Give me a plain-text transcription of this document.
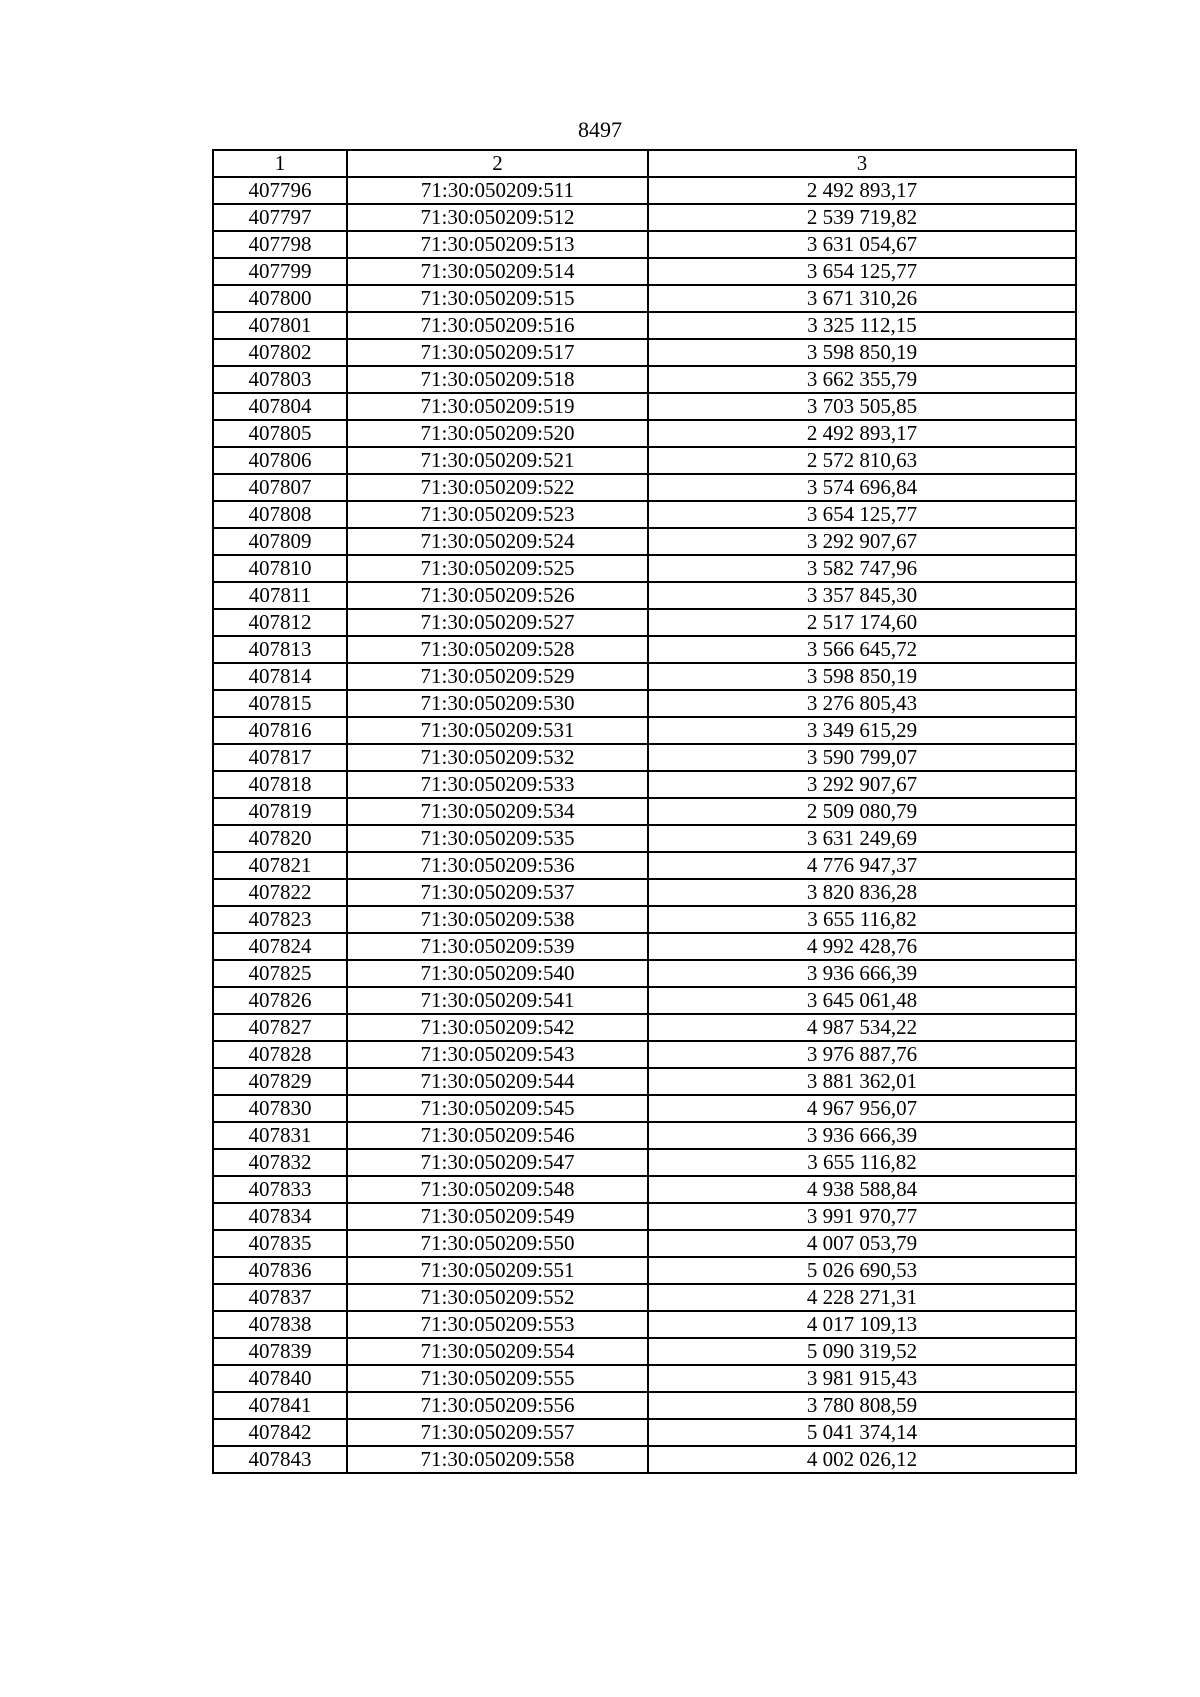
8497
1	2	3
407796	71:30:050209:511	2 492 893,17
407797	71:30:050209:512	2 539 719,82
407798	71:30:050209:513	3 631 054,67
407799	71:30:050209:514	3 654 125,77
407800	71:30:050209:515	3 671 310,26
407801	71:30:050209:516	3 325 112,15
407802	71:30:050209:517	3 598 850,19
407803	71:30:050209:518	3 662 355,79
407804	71:30:050209:519	3 703 505,85
407805	71:30:050209:520	2 492 893,17
407806	71:30:050209:521	2 572 810,63
407807	71:30:050209:522	3 574 696,84
407808	71:30:050209:523	3 654 125,77
407809	71:30:050209:524	3 292 907,67
407810	71:30:050209:525	3 582 747,96
407811	71:30:050209:526	3 357 845,30
407812	71:30:050209:527	2 517 174,60
407813	71:30:050209:528	3 566 645,72
407814	71:30:050209:529	3 598 850,19
407815	71:30:050209:530	3 276 805,43
407816	71:30:050209:531	3 349 615,29
407817	71:30:050209:532	3 590 799,07
407818	71:30:050209:533	3 292 907,67
407819	71:30:050209:534	2 509 080,79
407820	71:30:050209:535	3 631 249,69
407821	71:30:050209:536	4 776 947,37
407822	71:30:050209:537	3 820 836,28
407823	71:30:050209:538	3 655 116,82
407824	71:30:050209:539	4 992 428,76
407825	71:30:050209:540	3 936 666,39
407826	71:30:050209:541	3 645 061,48
407827	71:30:050209:542	4 987 534,22
407828	71:30:050209:543	3 976 887,76
407829	71:30:050209:544	3 881 362,01
407830	71:30:050209:545	4 967 956,07
407831	71:30:050209:546	3 936 666,39
407832	71:30:050209:547	3 655 116,82
407833	71:30:050209:548	4 938 588,84
407834	71:30:050209:549	3 991 970,77
407835	71:30:050209:550	4 007 053,79
407836	71:30:050209:551	5 026 690,53
407837	71:30:050209:552	4 228 271,31
407838	71:30:050209:553	4 017 109,13
407839	71:30:050209:554	5 090 319,52
407840	71:30:050209:555	3 981 915,43
407841	71:30:050209:556	3 780 808,59
407842	71:30:050209:557	5 041 374,14
407843	71:30:050209:558	4 002 026,12
